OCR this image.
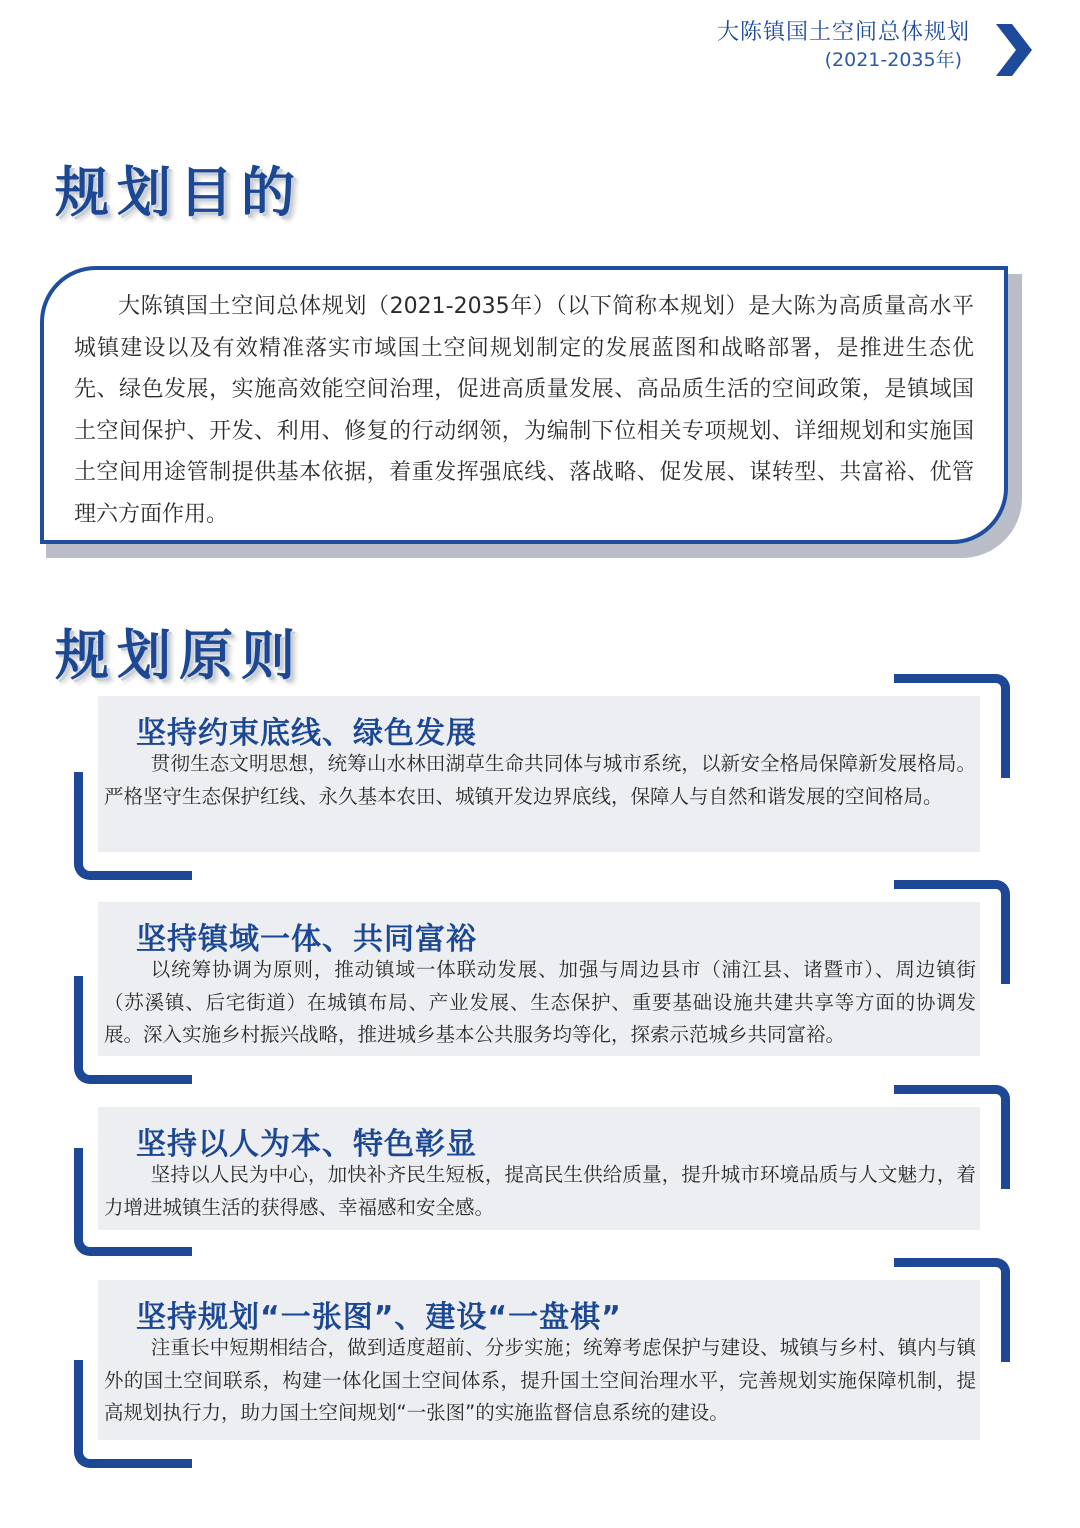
大陈镇国土空间总体规划
(2021-2035年)
规划目的

大陈镇国土空间总体规划（2021-2035年）（以下简称本规划）是大陈为高质量高水平城镇建设以及有效精准落实市域国土空间规划制定的发展蓝图和战略部署，是推进生态优先、绿色发展，实施高效能空间治理，促进高质量发展、高品质生活的空间政策，是镇域国土空间保护、开发、利用、修复的行动纲领，为编制下位相关专项规划、详细规划和实施国土空间用途管制提供基本依据，着重发挥强底线、落战略、促发展、谋转型、共富裕、优管理六方面作用。

规划原则
坚持约束底线、绿色发展

贯彻生态文明思想，统筹山水林田湖草生命共同体与城市系统，以新安全格局保障新发展格局。严格坚守生态保护红线、永久基本农田、城镇开发边界底线，保障人与自然和谐发展的空间格局。

坚持镇域一体、共同富裕

以统筹协调为原则，推动镇域一体联动发展、加强与周边县市（浦江县、诸暨市）、周边镇街（苏溪镇、后宅街道）在城镇布局、产业发展、生态保护、重要基础设施共建共享等方面的协调发展。深入实施乡村振兴战略，推进城乡基本公共服务均等化，探索示范城乡共同富裕。

坚持以人为本、特色彰显

坚持以人民为中心，加快补齐民生短板，提高民生供给质量，提升城市环境品质与人文魅力，着力增进城镇生活的获得感、幸福感和安全感。

坚持规划“一张图”、建设“一盘棋”

注重长中短期相结合，做到适度超前、分步实施；统筹考虑保护与建设、城镇与乡村、镇内与镇外的国土空间联系，构建一体化国土空间体系，提升国土空间治理水平，完善规划实施保障机制，提高规划执行力，助力国土空间规划“一张图”的实施监督信息系统的建设。
